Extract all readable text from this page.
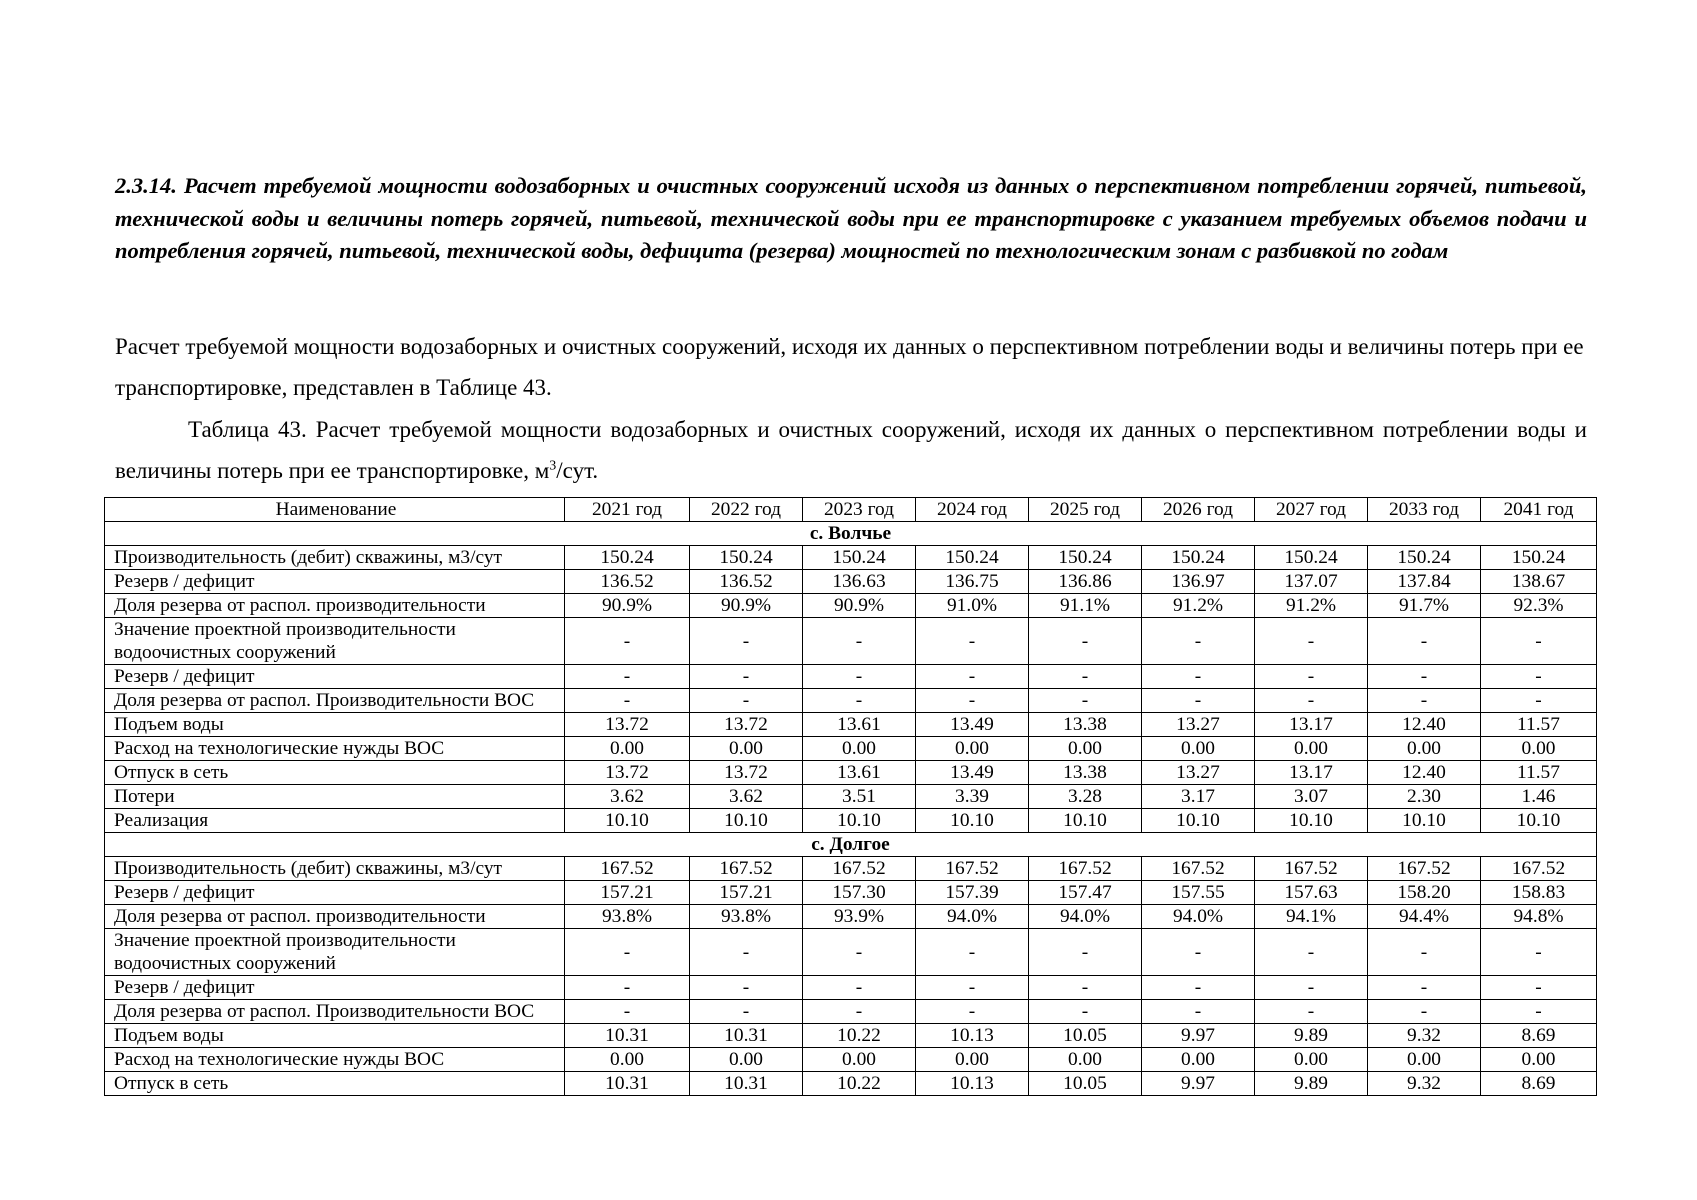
2.3.14. Расчет требуемой мощности водозаборных и очистных сооружений исходя из данных о перспективном потреблении горячей, питьевой, технической воды и величины потерь горячей, питьевой, технической воды при ее транспортировке с указанием требуемых объемов подачи и потребления горячей, питьевой, технической воды, дефицита (резерва) мощностей по технологическим зонам с разбивкой по годам

Расчет требуемой мощности водозаборных и очистных сооружений, исходя их данных о перспективном потреблении воды и величины потерь при ее транспортировке, представлен в Таблице 43.

Таблица 43. Расчет требуемой мощности водозаборных и очистных сооружений, исходя их данных о перспективном потреблении воды и величины потерь при ее транспортировке, $м^3$/сут.

Наименование	2021 год	2022 год	2023 год	2024 год	2025 год	2026 год	2027 год	2033 год	2041 год
с. Волчье									
Производительность (дебит) скважины, м3/сут	150.24	150.24	150.24	150.24	150.24	150.24	150.24	150.24	150.24
Резерв / дефицит	136.52	136.52	136.63	136.75	136.86	136.97	137.07	137.84	138.67
Доля резерва от распол. производительности	90.9%	90.9%	90.9%	91.0%	91.1%	91.2%	91.2%	91.7%	92.3%
Значение проектной производительности водоочистных сооружений	-	-	-	-	-	-	-	-	-
Резерв / дефицит	-	-	-	-	-	-	-	-	-
Доля резерва от распол. Производительности ВОС	-	-	-	-	-	-	-	-	-
Подъем воды	13.72	13.72	13.61	13.49	13.38	13.27	13.17	12.40	11.57
Расход на технологические нужды ВОС	0.00	0.00	0.00	0.00	0.00	0.00	0.00	0.00	0.00
Отпуск в сеть	13.72	13.72	13.61	13.49	13.38	13.27	13.17	12.40	11.57
Потери	3.62	3.62	3.51	3.39	3.28	3.17	3.07	2.30	1.46
Реализация	10.10	10.10	10.10	10.10	10.10	10.10	10.10	10.10	10.10
с. Долгое									
Производительность (дебит) скважины, м3/сут	167.52	167.52	167.52	167.52	167.52	167.52	167.52	167.52	167.52
Резерв / дефицит	157.21	157.21	157.30	157.39	157.47	157.55	157.63	158.20	158.83
Доля резерва от распол. производительности	93.8%	93.8%	93.9%	94.0%	94.0%	94.0%	94.1%	94.4%	94.8%
Значение проектной производительности водоочистных сооружений	-	-	-	-	-	-	-	-	-
Резерв / дефицит	-	-	-	-	-	-	-	-	-
Доля резерва от распол. Производительности ВОС	-	-	-	-	-	-	-	-	-
Подъем воды	10.31	10.31	10.22	10.13	10.05	9.97	9.89	9.32	8.69
Расход на технологические нужды ВОС	0.00	0.00	0.00	0.00	0.00	0.00	0.00	0.00	0.00
Отпуск в сеть	10.31	10.31	10.22	10.13	10.05	9.97	9.89	9.32	8.69
